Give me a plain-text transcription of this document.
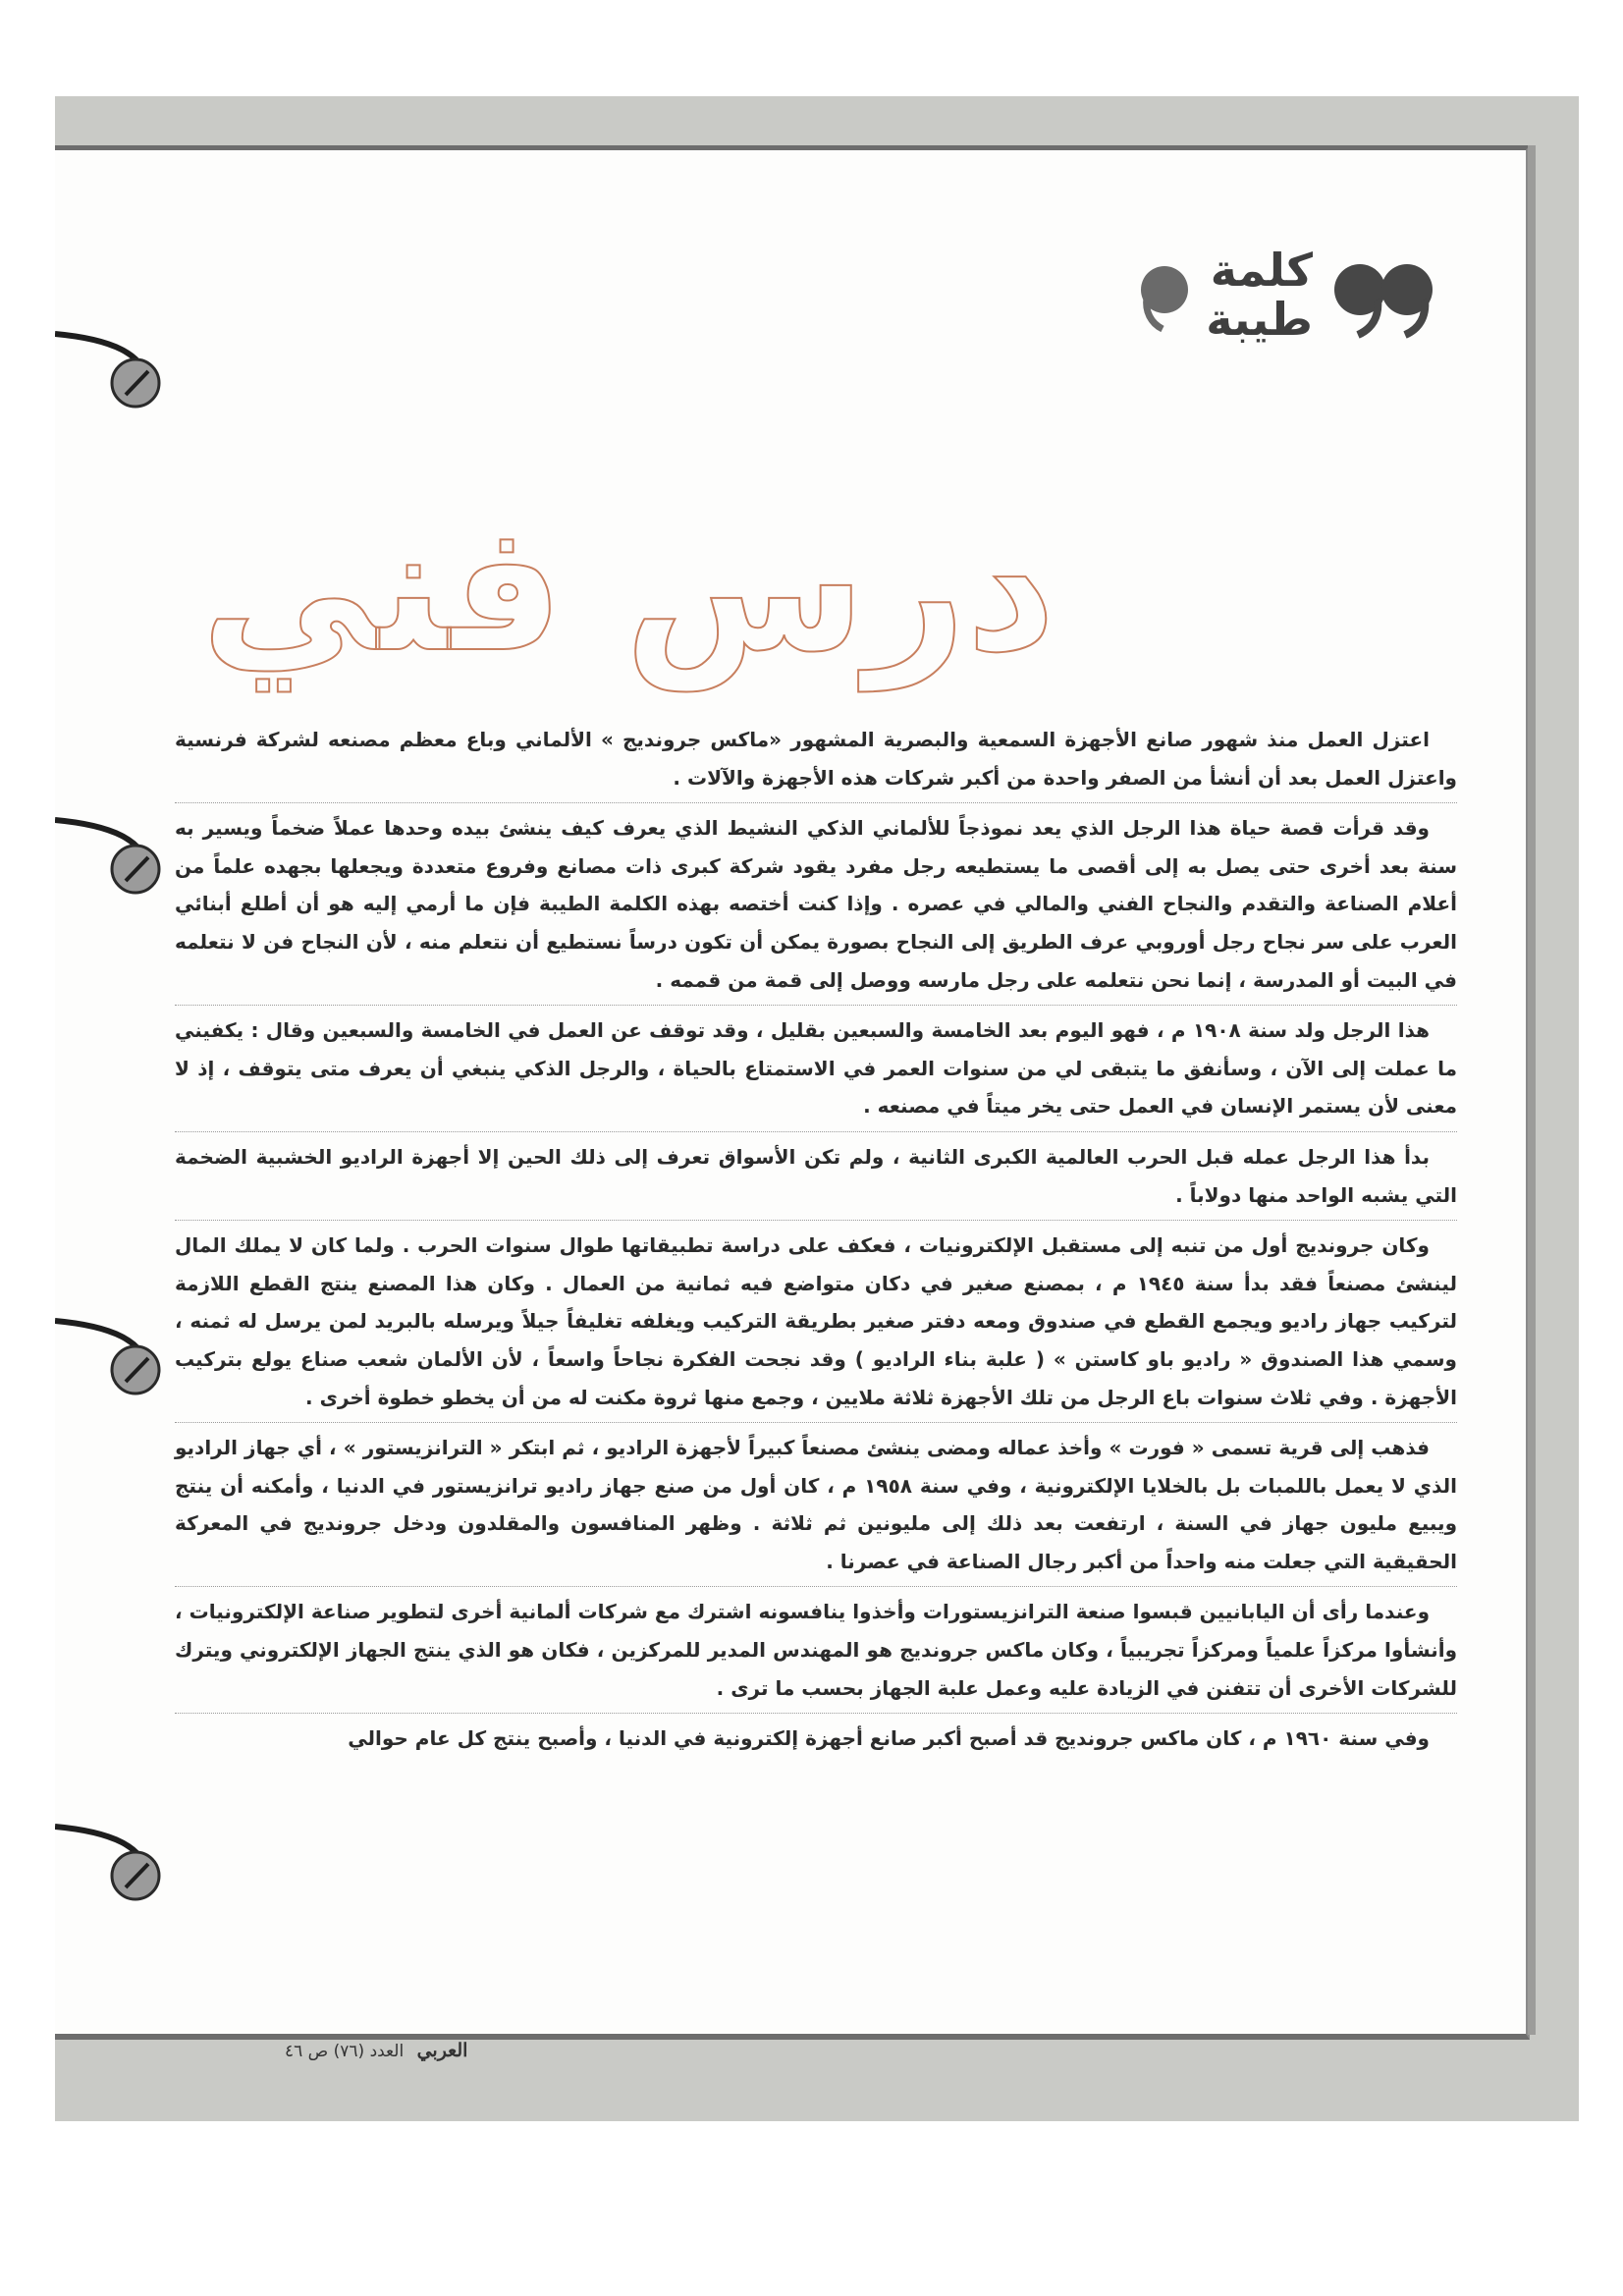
كلمة
طيبة
درس فني

اعتزل العمل منذ شهور صانع الأجهزة السمعية والبصرية المشهور «ماكس جروندیج » الألماني وباع معظم مصنعه لشركة فرنسية واعتزل العمل بعد أن أنشأ من الصفر واحدة من أكبر شركات هذه الأجهزة والآلات .

وقد قرأت قصة حياة هذا الرجل الذي يعد نموذجاً للألماني الذكي النشيط الذي يعرف كيف ينشئ بيده وحدها عملاً ضخماً ويسير به سنة بعد أخرى حتى يصل به إلى أقصى ما يستطيعه رجل مفرد يقود شركة كبرى ذات مصانع وفروع متعددة ويجعلها بجهده علماً من أعلام الصناعة والتقدم والنجاح الفني والمالي في عصره . وإذا كنت أختصه بهذه الكلمة الطيبة فإن ما أرمي إليه هو أن أطلع أبنائي العرب على سر نجاح رجل أوروبي عرف الطريق إلى النجاح بصورة يمكن أن تكون درساً نستطيع أن نتعلم منه ، لأن النجاح فن لا نتعلمه في البيت أو المدرسة ، إنما نحن نتعلمه على رجل مارسه ووصل إلى قمة من قممه .

هذا الرجل ولد سنة ١٩٠٨ م ، فهو اليوم بعد الخامسة والسبعين بقليل ، وقد توقف عن العمل في الخامسة والسبعين وقال : يكفيني ما عملت إلى الآن ، وسأنفق ما يتبقى لي من سنوات العمر في الاستمتاع بالحياة ، والرجل الذكي ينبغي أن يعرف متى يتوقف ، إذ لا معنى لأن يستمر الإنسان في العمل حتى يخر ميتاً في مصنعه .

بدأ هذا الرجل عمله قبل الحرب العالمية الكبرى الثانية ، ولم تكن الأسواق تعرف إلى ذلك الحين إلا أجهزة الراديو الخشبية الضخمة التي يشبه الواحد منها دولاباً .

وكان جروندیج أول من تنبه إلى مستقبل الإلكترونيات ، فعكف على دراسة تطبيقاتها طوال سنوات الحرب . ولما كان لا يملك المال لينشئ مصنعاً فقد بدأ سنة ١٩٤٥ م ، بمصنع صغير في دكان متواضع فيه ثمانية من العمال . وكان هذا المصنع ينتج القطع اللازمة لتركيب جهاز راديو ويجمع القطع في صندوق ومعه دفتر صغير بطريقة التركيب ويغلفه تغليفاً جيلاً ويرسله بالبريد لمن يرسل له ثمنه ، وسمي هذا الصندوق « راديو باو كاستن » ( علبة بناء الراديو ) وقد نجحت الفكرة نجاحاً واسعاً ، لأن الألمان شعب صناع يولع بتركيب الأجهزة . وفي ثلاث سنوات باع الرجل من تلك الأجهزة ثلاثة ملايين ، وجمع منها ثروة مكنت له من أن يخطو خطوة أخرى .

فذهب إلى قرية تسمى « فورت » وأخذ عماله ومضى ينشئ مصنعاً كبيراً لأجهزة الراديو ، ثم ابتكر « الترانزيستور » ، أي جهاز الراديو الذي لا يعمل باللمبات بل بالخلايا الإلكترونية ، وفي سنة ١٩٥٨ م ، كان أول من صنع جهاز راديو ترانزيستور في الدنيا ، وأمكنه أن ينتج ويبيع مليون جهاز في السنة ، ارتفعت بعد ذلك إلى مليونين ثم ثلاثة . وظهر المنافسون والمقلدون ودخل جروندیج في المعركة الحقيقية التي جعلت منه واحداً من أكبر رجال الصناعة في عصرنا .

وعندما رأى أن اليابانيين قبسوا صنعة الترانزيستورات وأخذوا ينافسونه اشترك مع شركات ألمانية أخرى لتطوير صناعة الإلكترونيات ، وأنشأوا مركزاً علمياً ومركزاً تجريبياً ، وكان ماكس جروندیج هو المهندس المدير للمركزين ، فكان هو الذي ينتج الجهاز الإلكتروني ويترك للشركات الأخرى أن تتفنن في الزيادة عليه وعمل علبة الجهاز بحسب ما ترى .

وفي سنة ١٩٦٠ م ، كان ماكس جروندیج قد أصبح أكبر صانع أجهزة إلكترونية في الدنيا ، وأصبح ينتج كل عام حوالي

العربي العدد (٧٦) ص ٤٦
